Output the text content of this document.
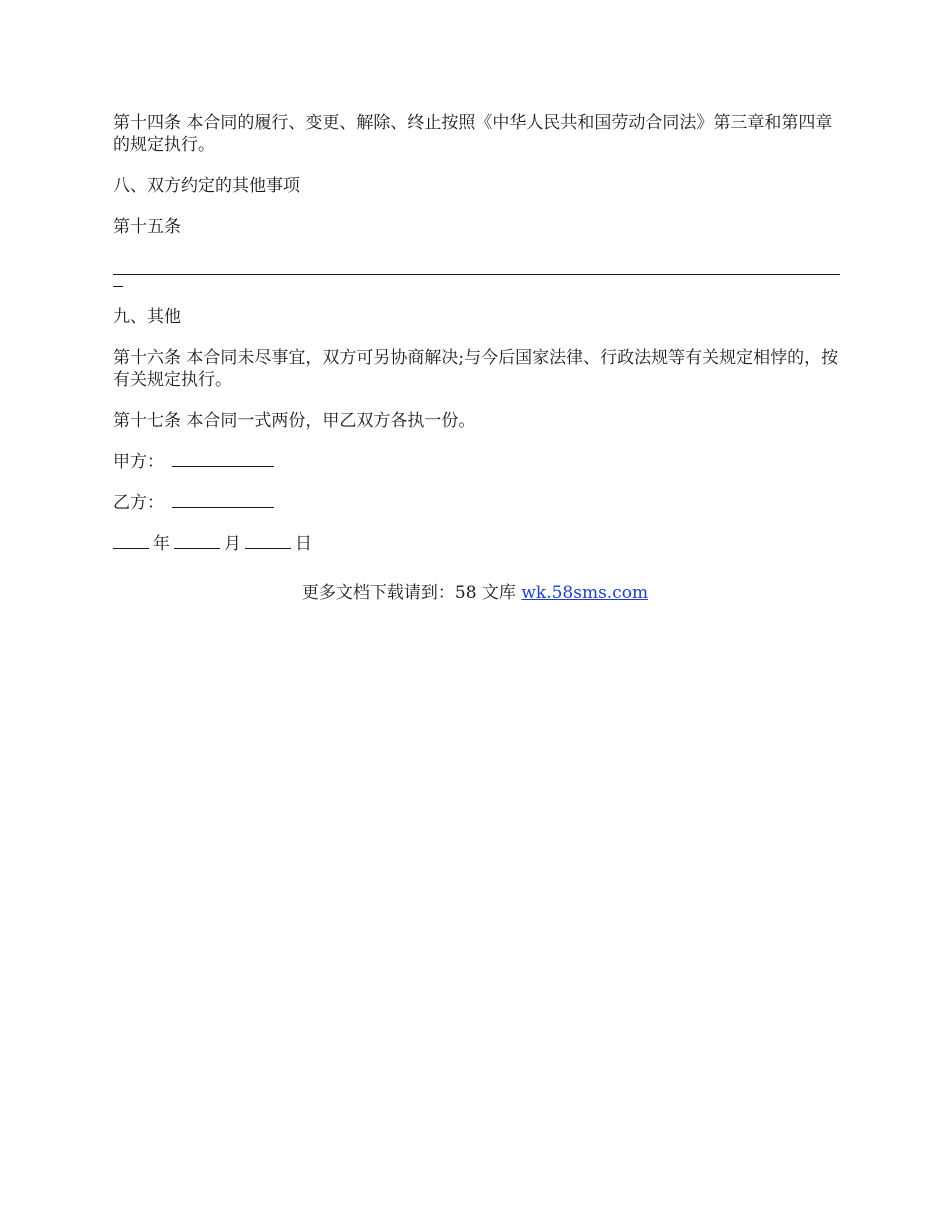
第十四条 本合同的履行、变更、解除、终止按照《中华人民共和国劳动合同法》第三章和第四章的规定执行。

八、双方约定的其他事项

第十五条

九、其他

第十六条 本合同未尽事宜，双方可另协商解决;与今后国家法律、行政法规等有关规定相悖的，按有关规定执行。

第十七条 本合同一式两份，甲乙双方各执一份。

甲方：
乙方：
年	月	日
更多文档下载请到：58 文库 wk.58sms.com
